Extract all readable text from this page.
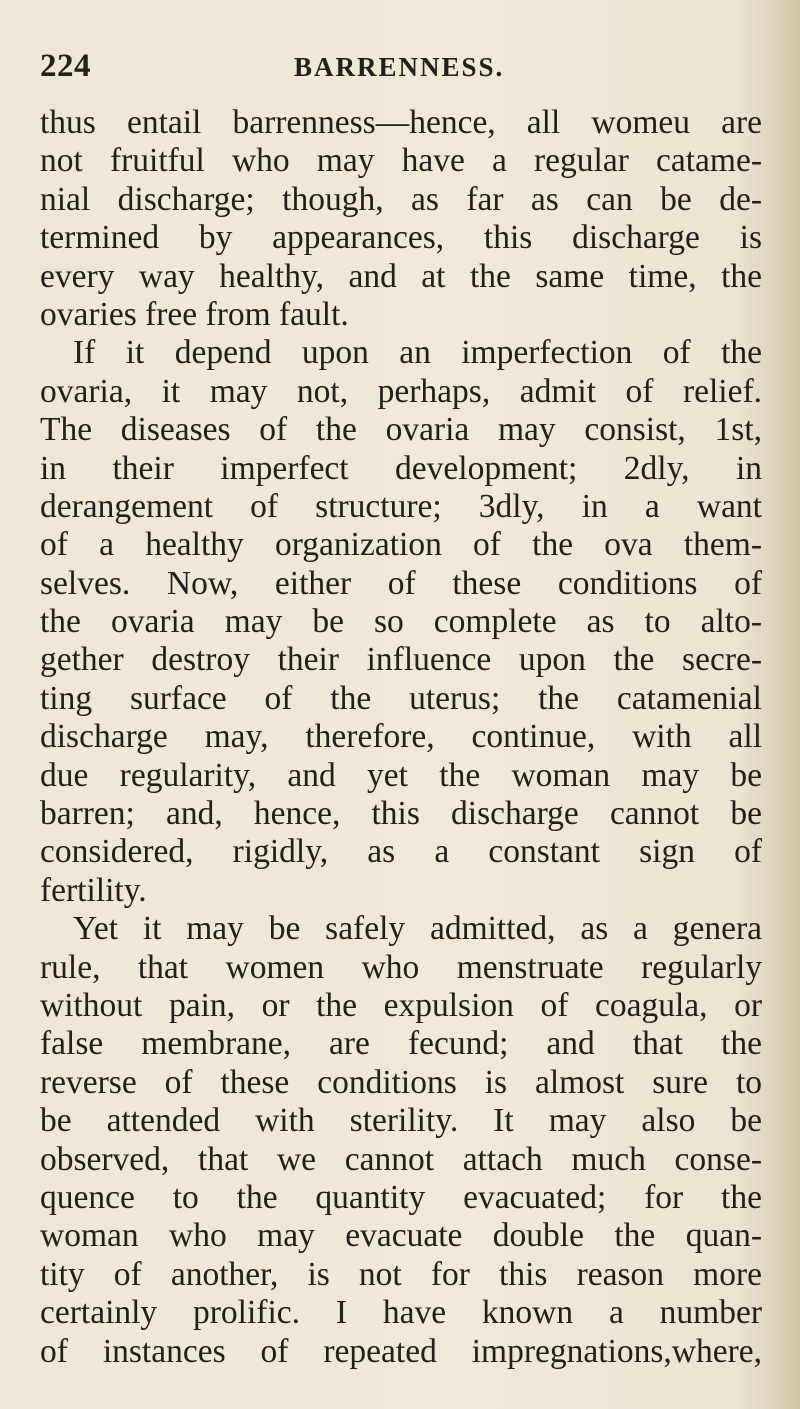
224	BARRENNESS.
thus entail barrenness—hence, all womeu are
not fruitful who may have a regular catame-
nial discharge; though, as far as can be de-
termined by appearances, this discharge is
every way healthy, and at the same time, the
ovaries free from fault.
If it depend upon an imperfection of the
ovaria, it may not, perhaps, admit of relief.
The diseases of the ovaria may consist, 1st,
in their imperfect development; 2dly, in
derangement of structure; 3dly, in a want
of a healthy organization of the ova them-
selves. Now, either of these conditions of
the ovaria may be so complete as to alto-
gether destroy their influence upon the secre-
ting surface of the uterus; the catamenial
discharge may, therefore, continue, with all
due regularity, and yet the woman may be
barren; and, hence, this discharge cannot be
considered, rigidly, as a constant sign of
fertility.
Yet it may be safely admitted, as a genera
rule, that women who menstruate regularly
without pain, or the expulsion of coagula, or
false membrane, are fecund; and that the
reverse of these conditions is almost sure to
be attended with sterility. It may also be
observed, that we cannot attach much conse-
quence to the quantity evacuated; for the
woman who may evacuate double the quan-
tity of another, is not for this reason more
certainly prolific. I have known a number
of instances of repeated impregnations,where,
